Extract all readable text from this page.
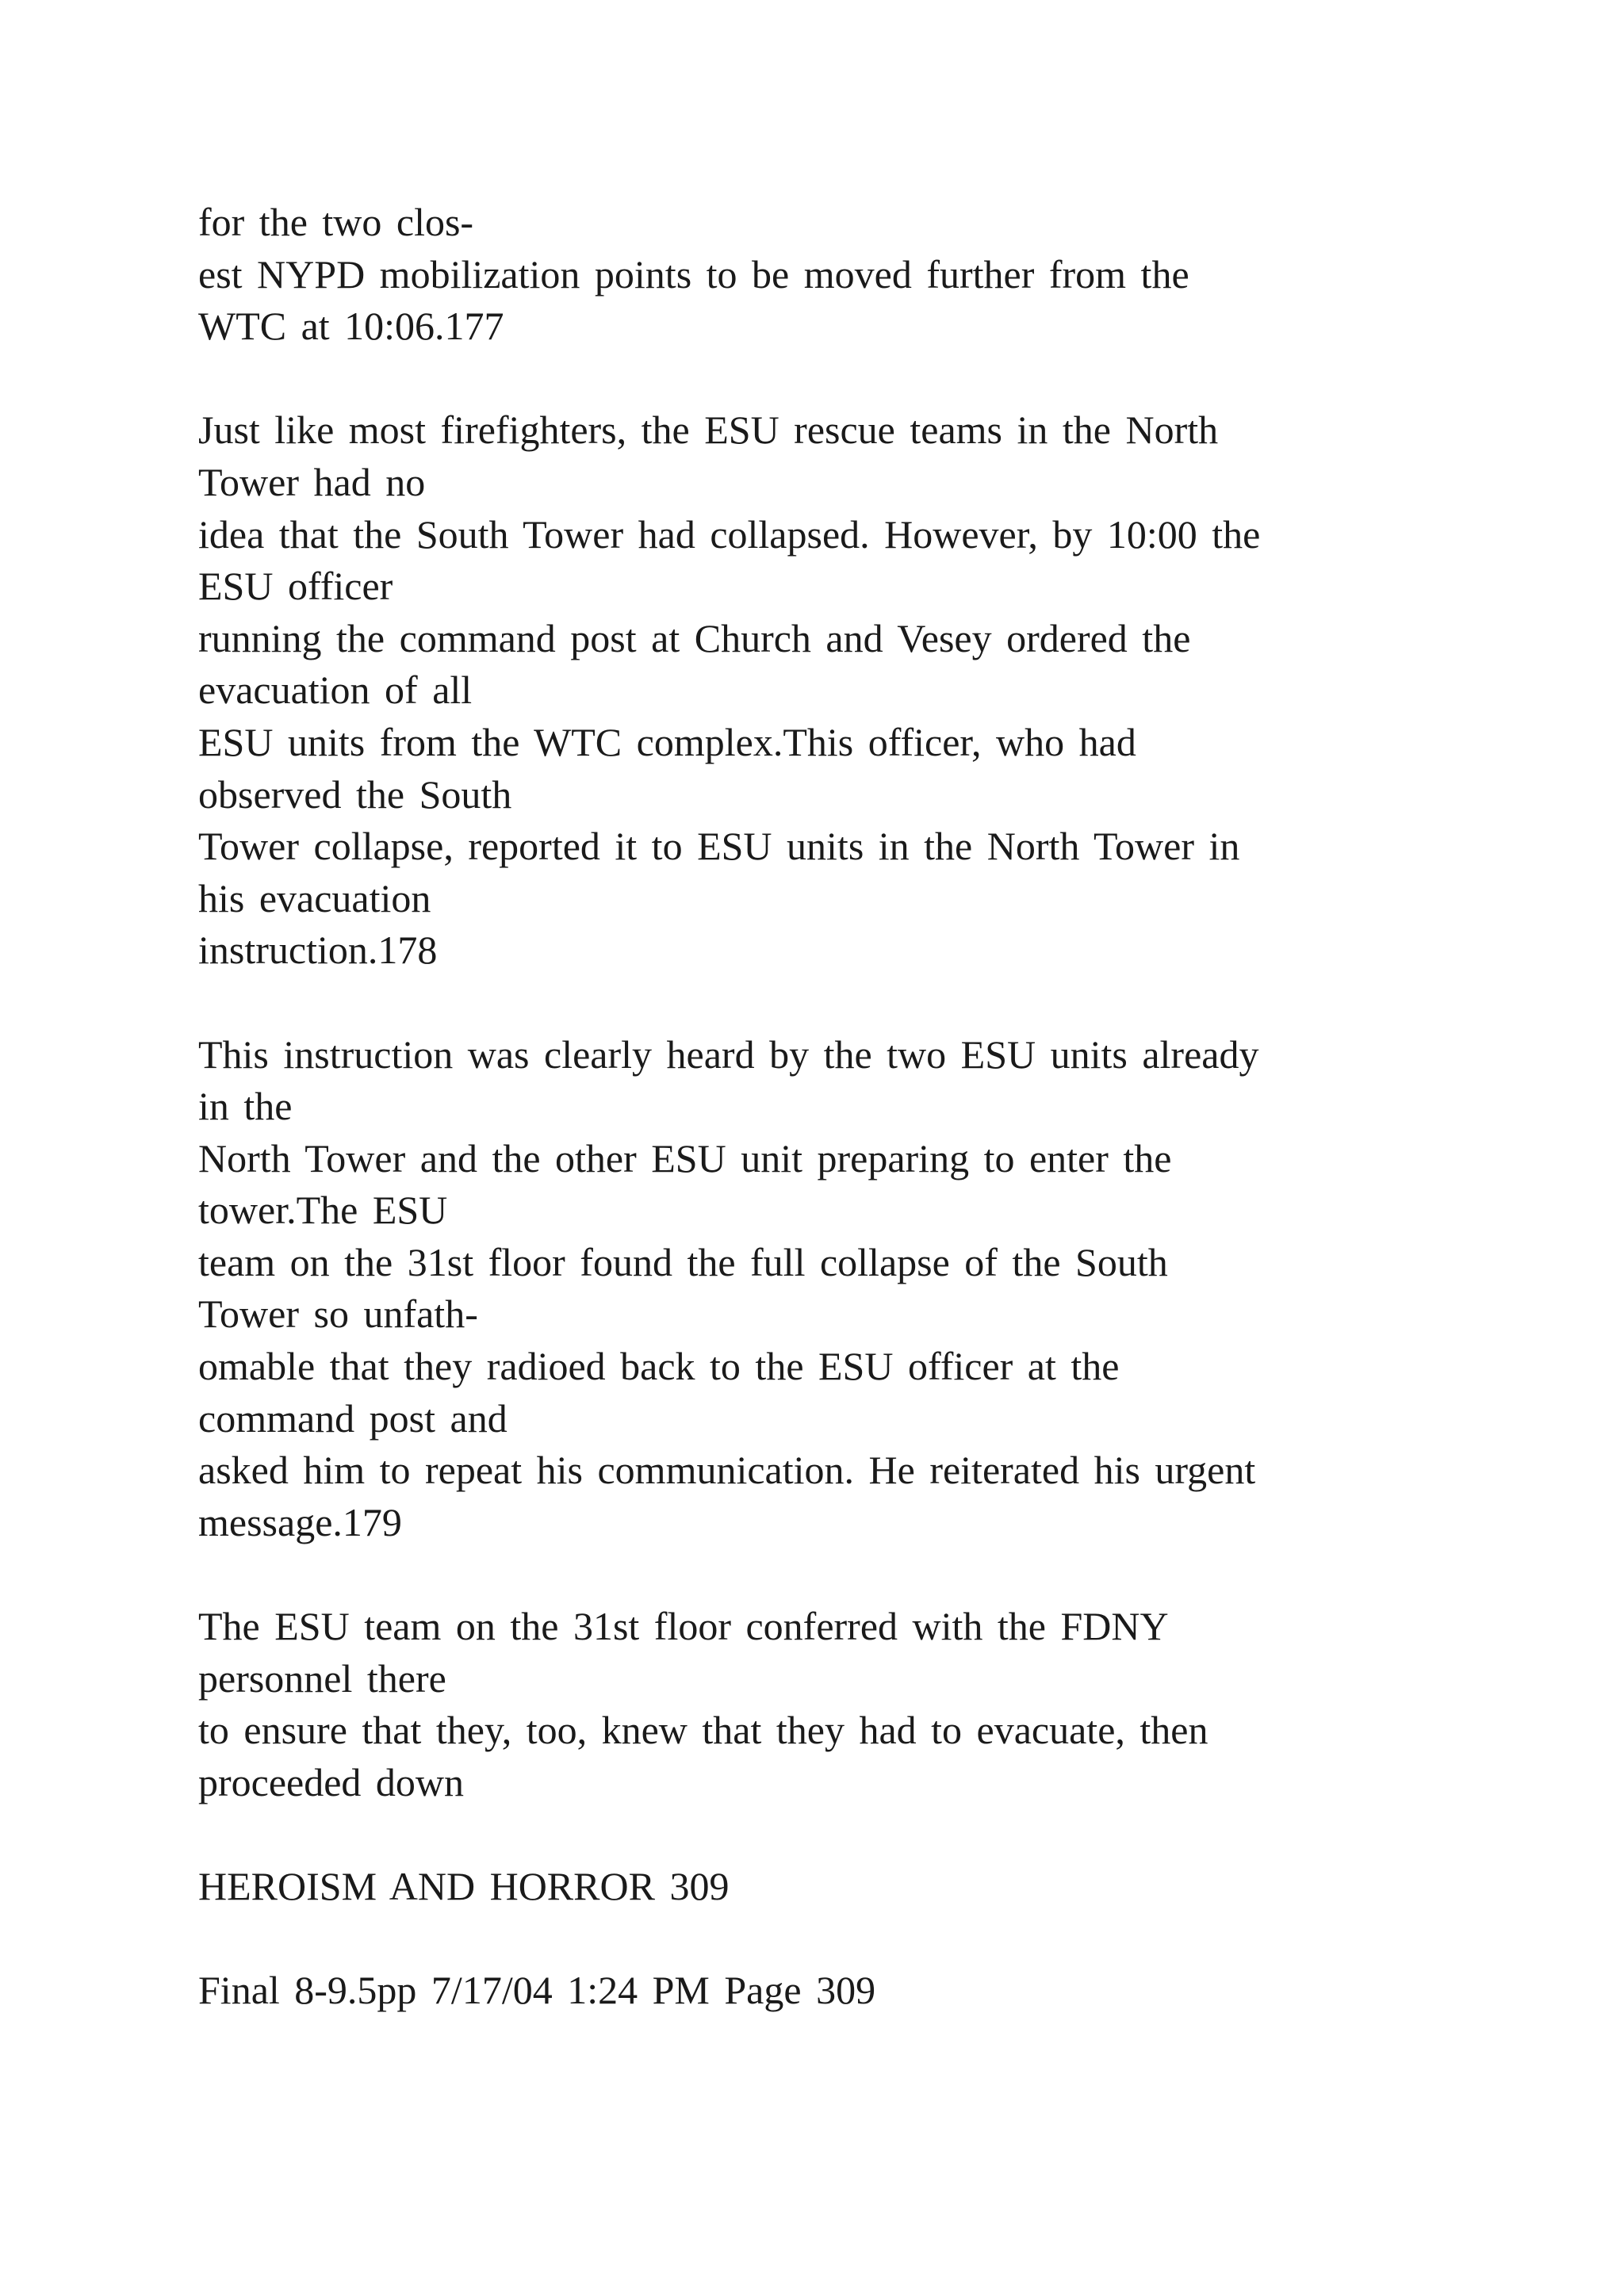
for the two clos-
est NYPD mobilization points to be moved further from the
WTC at 10:06.177

Just like most firefighters, the ESU rescue teams in the North
Tower had no
idea that the South Tower had collapsed. However, by 10:00 the
ESU officer
running the command post at Church and Vesey ordered the
evacuation of all
ESU units from the WTC complex.This officer, who had
observed the South
Tower collapse, reported it to ESU units in the North Tower in
his evacuation
instruction.178

This instruction was clearly heard by the two ESU units already
in the
North Tower and the other ESU unit preparing to enter the
tower.The ESU
team on the 31st floor found the full collapse of the South
Tower so unfath-
omable that they radioed back to the ESU officer at the
command post and
asked him to repeat his communication. He reiterated his urgent
message.179

The ESU team on the 31st floor conferred with the FDNY
personnel there
to ensure that they, too, knew that they had to evacuate, then
proceeded down

HEROISM AND HORROR 309

Final 8-9.5pp 7/17/04 1:24 PM Page 309
